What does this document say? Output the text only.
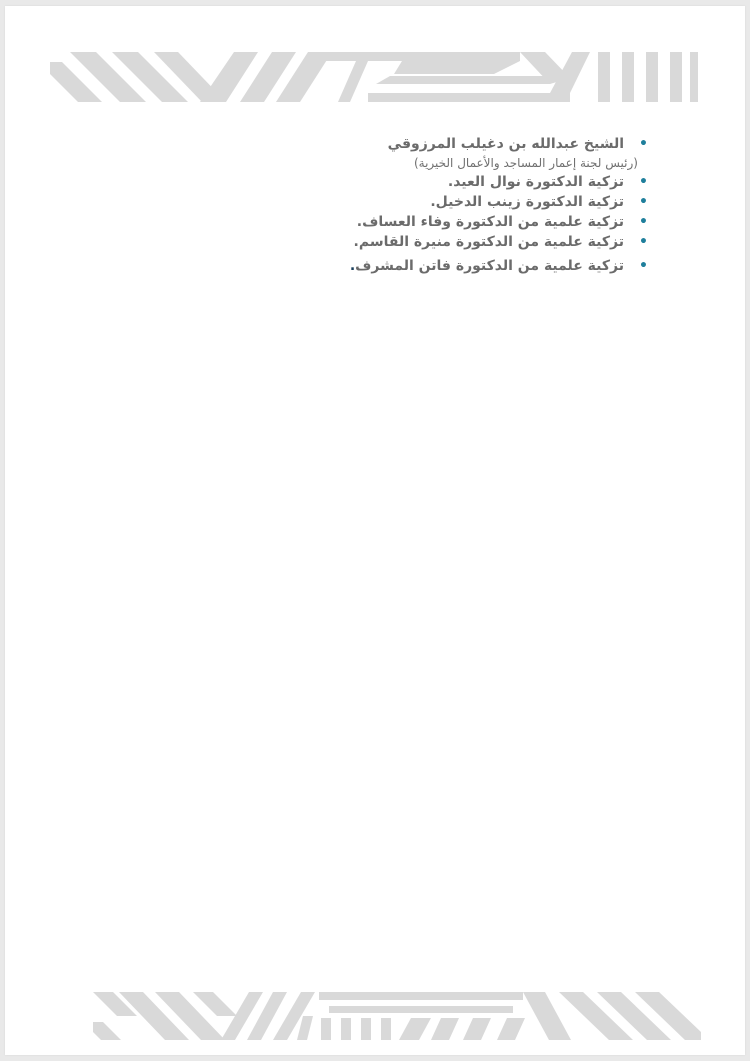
•
الشيخ عبدالله بن دغيلب المرزوقي
(رئيس لجنة إعمار المساجد والأعمال الخيرية)
•
تزكية الدكتورة نوال العيد.
•
تزكية الدكتورة زينب الدخيل.
•
تزكية علمية من الدكتورة وفاء العساف.
•
تزكية علمية من الدكتورة منيرة القاسم.
•
تزكية علمية من الدكتورة فاتن المشرف.
